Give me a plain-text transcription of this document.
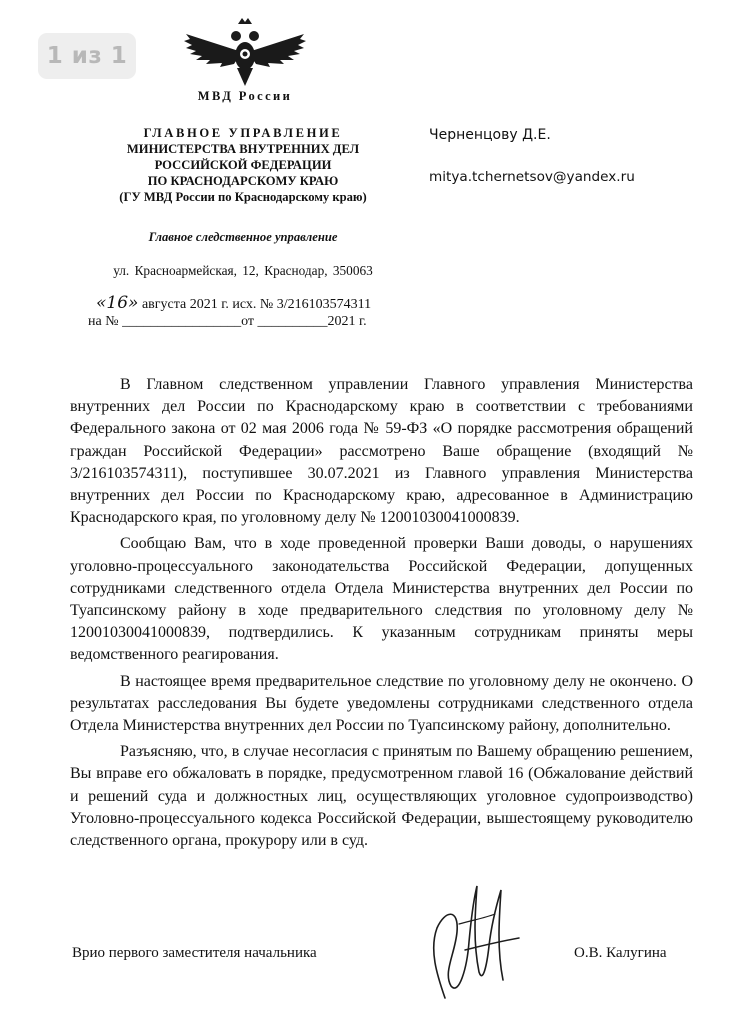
1 из 1
МВД России
ГЛАВНОЕ УПРАВЛЕНИЕ
МИНИСТЕРСТВА ВНУТРЕННИХ ДЕЛ
РОССИЙСКОЙ ФЕДЕРАЦИИ
ПО КРАСНОДАРСКОМУ КРАЮ
(ГУ МВД России по Краснодарскому краю)
Главное следственное управление
ул. Красноармейская, 12, Краснодар, 350063
«16» августа 2021 г. исх. № 3/216103574311
на № _________________от __________2021 г.
Черненцову Д.Е.
mitya.tchernetsov@yandex.ru

В Главном следственном управлении Главного управления Министерства внутренних дел России по Краснодарскому краю в соответствии с требованиями Федерального закона от 02 мая 2006 года № 59-ФЗ «О порядке рассмотрения обращений граждан Российской Федерации» рассмотрено Ваше обращение (входящий № 3/216103574311), поступившее 30.07.2021 из Главного управления Министерства внутренних дел России по Краснодарскому краю, адресованное в Администрацию Краснодарского края, по уголовному делу № 12001030041000839.

Сообщаю Вам, что в ходе проведенной проверки Ваши доводы, о нарушениях уголовно-процессуального законодательства Российской Федерации, допущенных сотрудниками следственного отдела Отдела Министерства внутренних дел России по Туапсинскому району в ходе предварительного следствия по уголовному делу № 12001030041000839, подтвердились. К указанным сотрудникам приняты меры ведомственного реагирования.

В настоящее время предварительное следствие по уголовному делу не окончено. О результатах расследования Вы будете уведомлены сотрудниками следственного отдела Отдела Министерства внутренних дел России по Туапсинскому району, дополнительно.

Разъясняю, что, в случае несогласия с принятым по Вашему обращению решением, Вы вправе его обжаловать в порядке, предусмотренном главой 16 (Обжалование действий и решений суда и должностных лиц, осуществляющих уголовное судопроизводство) Уголовно-процессуального кодекса Российской Федерации, вышестоящему руководителю следственного органа, прокурору или в суд.

Врио первого заместителя начальника	О.В. Калугина
